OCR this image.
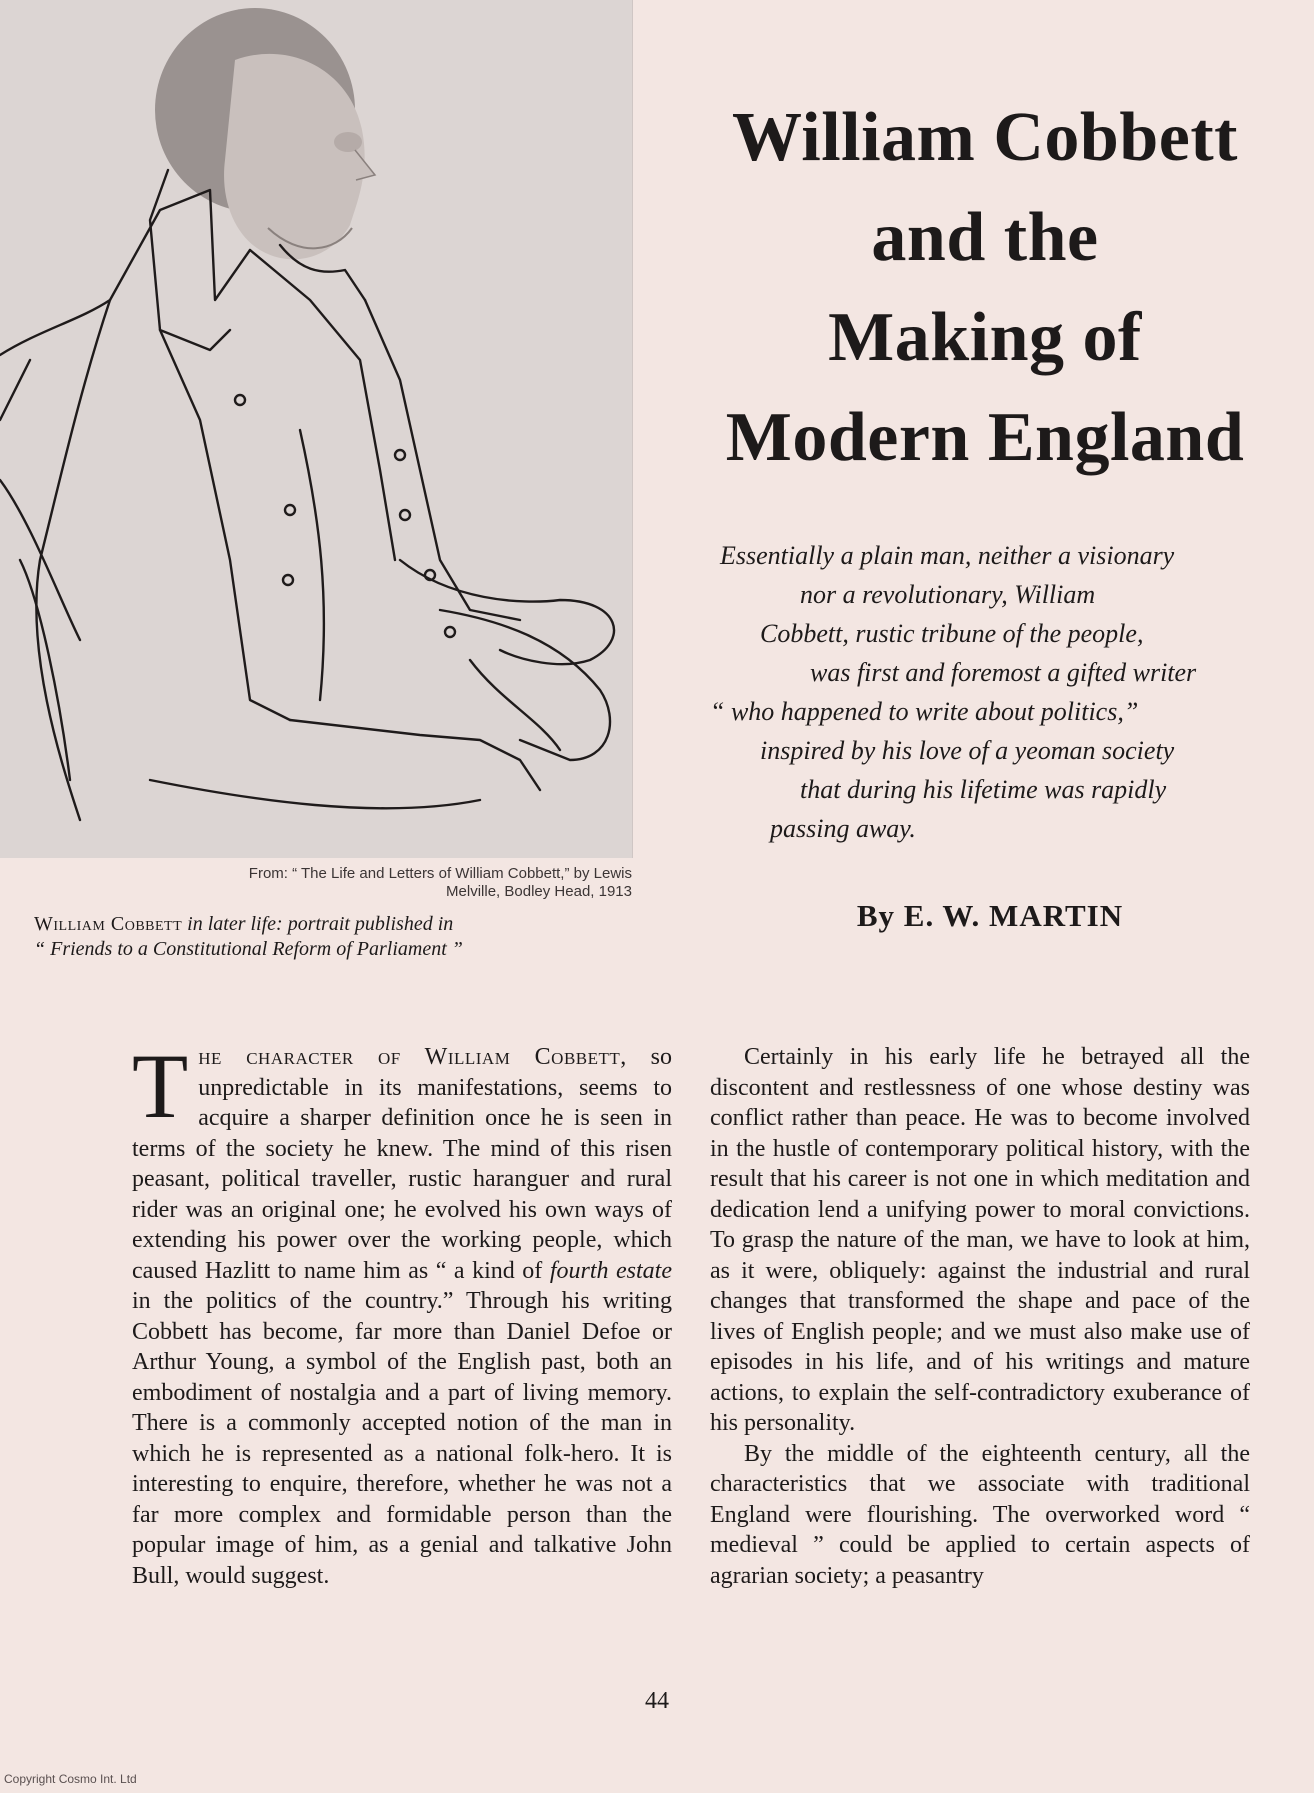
From: “ The Life and Letters of William Cobbett,” by Lewis
Melville, Bodley Head, 1913
William Cobbett in later life: portrait published in
“ Friends to a Constitutional Reform of Parliament ”
William Cobbett
and the
Making of
Modern England
Essentially a plain man, neither a visionary
nor a revolutionary, William
Cobbett, rustic tribune of the people,
was first and foremost a gifted writer
“ who happened to write about politics,”
inspired by his love of a yeoman society
that during his lifetime was rapidly
passing away.
By E. W. MARTIN

The character of William Cobbett, so unpredictable in its manifestations, seems to acquire a sharper definition once he is seen in terms of the society he knew. The mind of this risen peasant, political traveller, rustic haranguer and rural rider was an original one; he evolved his own ways of extending his power over the working people, which caused Hazlitt to name him as “ a kind of fourth estate in the politics of the country.” Through his writing Cobbett has become, far more than Daniel Defoe or Arthur Young, a symbol of the English past, both an embodiment of nostalgia and a part of living memory. There is a commonly accepted notion of the man in which he is represented as a national folk-hero. It is interesting to enquire, therefore, whether he was not a far more complex and formidable person than the popular image of him, as a genial and talkative John Bull, would suggest.

Certainly in his early life he betrayed all the discontent and restlessness of one whose destiny was conflict rather than peace. He was to become involved in the hustle of contemporary political history, with the result that his career is not one in which meditation and dedication lend a unifying power to moral convictions. To grasp the nature of the man, we have to look at him, as it were, obliquely: against the industrial and rural changes that transformed the shape and pace of the lives of English people; and we must also make use of episodes in his life, and of his writings and mature actions, to explain the self-contradictory exuberance of his personality.

By the middle of the eighteenth century, all the characteristics that we associate with traditional England were flourishing. The overworked word “ medieval ” could be applied to certain aspects of agrarian society; a peasantry

44
Copyright Cosmo Int. Ltd
